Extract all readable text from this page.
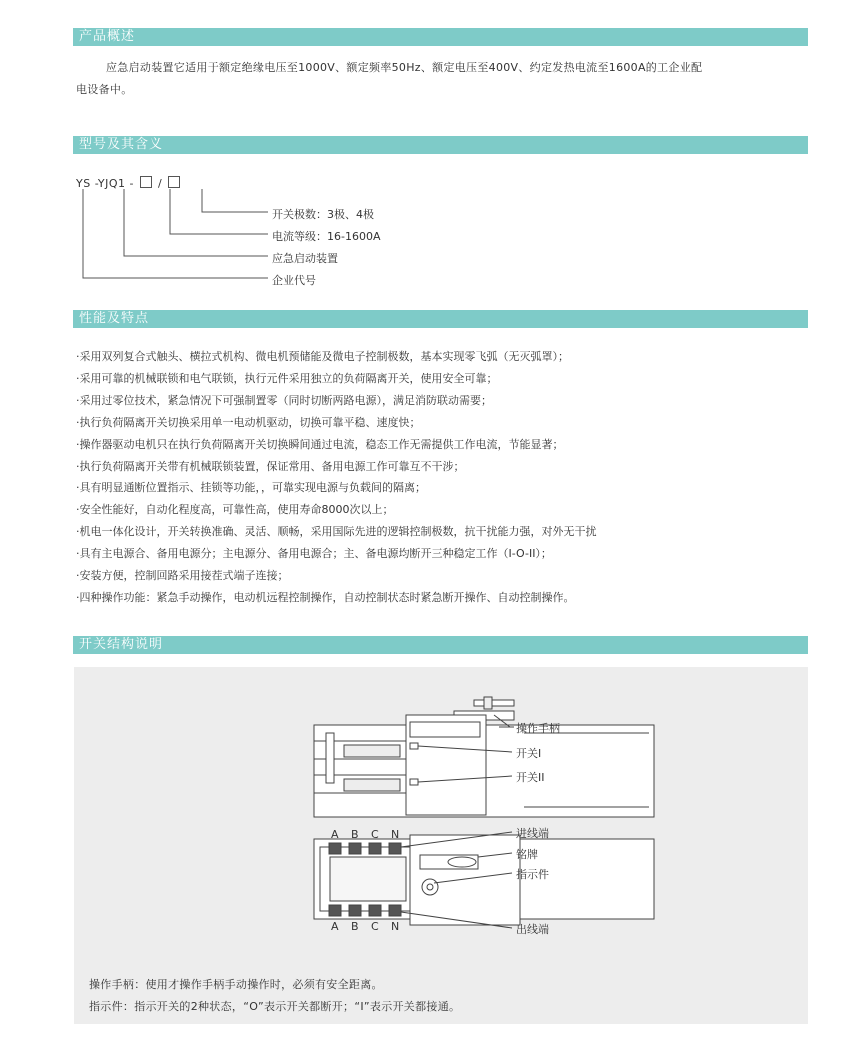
产品概述
应急启动装置它适用于额定绝缘电压至1000V、额定频率50Hz、额定电压至400V、约定发热电流至1600A的工企业配
电设备中。
型号及其含义
YS -YJQ1 - /
开关极数：3极、4极
电流等级：16-1600A
应急启动装置
企业代号
性能及特点
·采用双列复合式触头、横拉式机构、微电机预储能及微电子控制极数，基本实现零飞弧（无灭弧罩）；
·采用可靠的机械联锁和电气联锁，执行元件采用独立的负荷隔离开关，使用安全可靠；
·采用过零位技术，紧急情况下可强制置零（同时切断两路电源），满足消防联动需要；
·执行负荷隔离开关切换采用单一电动机驱动，切换可靠平稳、速度快；
·操作器驱动电机只在执行负荷隔离开关切换瞬间通过电流，稳态工作无需提供工作电流，节能显著；
·执行负荷隔离开关带有机械联锁装置，保证常用、备用电源工作可靠互不干涉；
·具有明显通断位置指示、挂锁等功能，，可靠实现电源与负载间的隔离；
·安全性能好，自动化程度高，可靠性高，使用寿命8000次以上；
·机电一体化设计，开关转换准确、灵活、顺畅，采用国际先进的逻辑控制极数，抗干扰能力强，对外无干扰
·具有主电源合、备用电源分；主电源分、备用电源合；主、备电源均断开三种稳定工作（I-O-II）；
·安装方便，控制回路采用接茬式端子连接；
·四种操作功能：紧急手动操作，电动机远程控制操作，自动控制状态时紧急断开操作、自动控制操作。
开关结构说明
A B C N
A B C N
操作手柄
开关I
开关II
进线端
铭牌
指示件
出线端
操作手柄：使用才操作手柄手动操作时，必须有安全距离。
指示件：指示开关的2种状态，“O”表示开关都断开；“I”表示开关都接通。
